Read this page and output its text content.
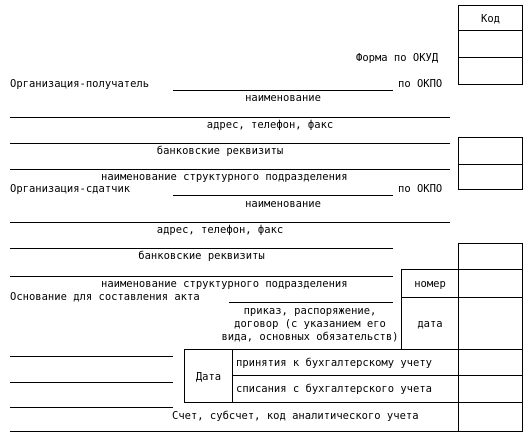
Код
Форма по ОКУД
Организация-получатель	по ОКПО
наименование
адрес, телефон, факс
банковские реквизиты
наименование структурного подразделения
Организация-сдатчик	по ОКПО
наименование
адрес, телефон, факс
банковские реквизиты
наименование структурного подразделения
Основание для составления акта
приказ, распоряжение,
договор (с указанием его
вида, основных обязательств)
номер
дата
Дата
принятия к бухгалтерскому учету
списания с бухгалтерского учета
Счет, субсчет, код аналитического учета
